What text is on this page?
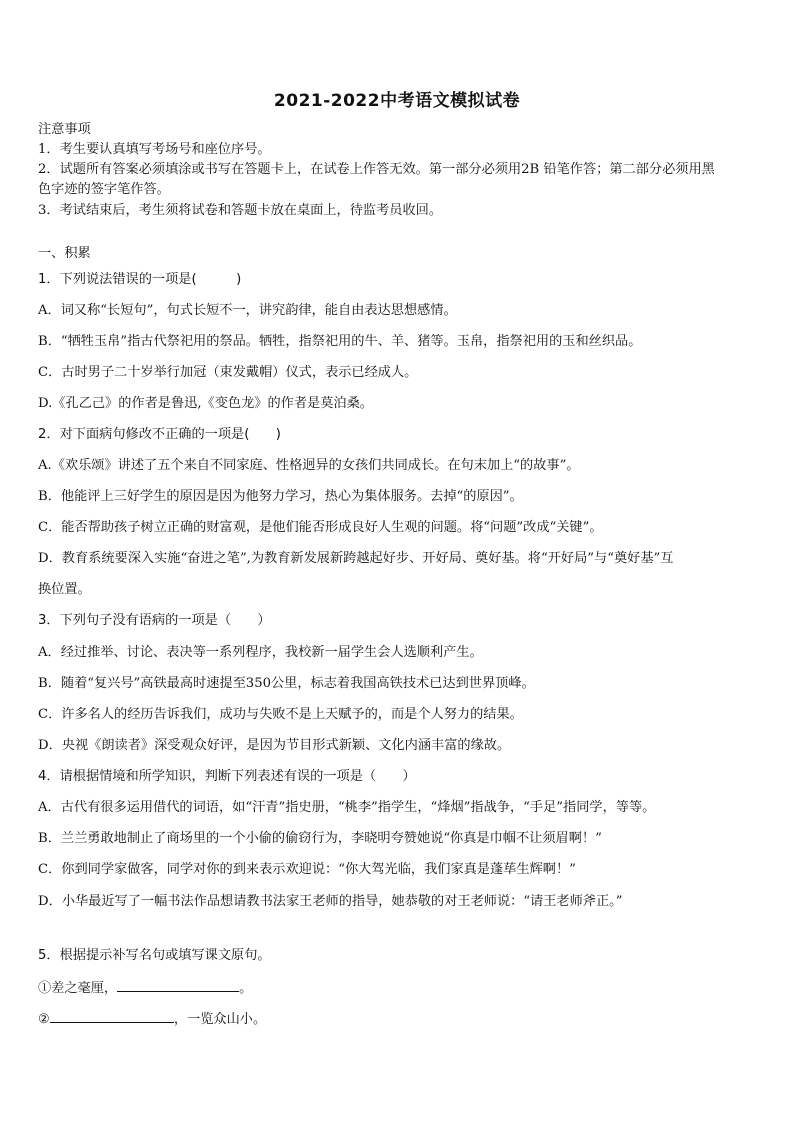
2021-2022中考语文模拟试卷
注意事项
1．考生要认真填写考场号和座位序号。
2．试题所有答案必须填涂或书写在答题卡上，在试卷上作答无效。第一部分必须用2B 铅笔作答；第二部分必须用黑
色字迹的签字笔作答。
3．考试结束后，考生须将试卷和答题卡放在桌面上，待监考员收回。
一、积累
1．下列说法错误的一项是(　　　)
A．词又称“长短句”，句式长短不一，讲究韵律，能自由表达思想感情。
B．“牺牲玉帛”指古代祭祀用的祭品。牺牲，指祭祀用的牛、羊、猪等。玉帛，指祭祀用的玉和丝织品。
C．古时男子二十岁举行加冠（束发戴帽）仪式，表示已经成人。
D.《孔乙己》的作者是鲁迅,《变色龙》的作者是莫泊桑。
2．对下面病句修改不正确的一项是(　　)
A.《欢乐颂》讲述了五个来自不同家庭、性格迥异的女孩们共同成长。在句末加上“的故事”。
B．他能评上三好学生的原因是因为他努力学习，热心为集体服务。去掉“的原因”。
C．能否帮助孩子树立正确的财富观，是他们能否形成良好人生观的问题。将“问题”改成“关键”。
D．教育系统要深入实施“奋进之笔”,为教育新发展新跨越起好步、开好局、奠好基。将“开好局”与“奠好基”互
换位置。
3．下列句子没有语病的一项是（　　）
A．经过推举、讨论、表决等一系列程序，我校新一届学生会人选顺利产生。
B．随着“复兴号”高铁最高时速提至350公里，标志着我国高铁技术已达到世界顶峰。
C．许多名人的经历告诉我们，成功与失败不是上天赋予的，而是个人努力的结果。
D．央视《朗读者》深受观众好评，是因为节目形式新颖、文化内涵丰富的缘故。
4．请根据情境和所学知识，判断下列表述有误的一项是（　　）
A．古代有很多运用借代的词语，如“汗青”指史册，“桃李”指学生，“烽烟”指战争，“手足”指同学，等等。
B．兰兰勇敢地制止了商场里的一个小偷的偷窃行为，李晓明夸赞她说“你真是巾帼不让须眉啊！”
C．你到同学家做客，同学对你的到来表示欢迎说：“你大驾光临，我们家真是蓬荜生辉啊！”
D．小华最近写了一幅书法作品想请教书法家王老师的指导，她恭敬的对王老师说：“请王老师斧正。”
5．根据提示补写名句或填写课文原句。
①差之毫厘，	。
②	，一览众山小。
